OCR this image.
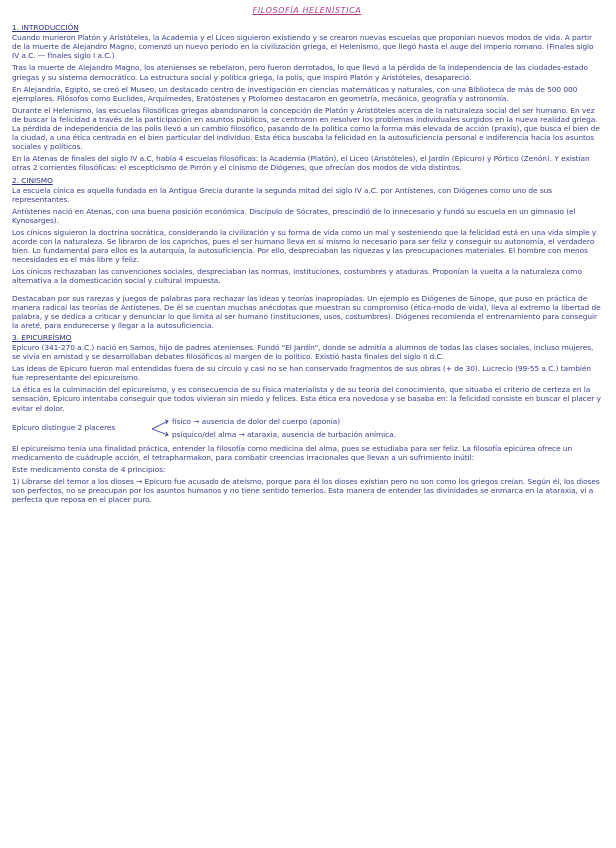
FILOSOFÍA HELENÍSTICA
1. INTRODUCCIÓN

Cuando murieron Platón y Aristóteles, la Academia y el Liceo siguieron existiendo y se crearon nuevas escuelas que proponían nuevos modos de vida. A partir de la muerte de Alejandro Magno, comenzó un nuevo periodo en la civilización griega, el Helenismo, que llegó hasta el auge del imperio romano. (Finales siglo IV a.C. — finales siglo I a.C.)

Tras la muerte de Alejandro Magno, los atenienses se rebelaron, pero fueron derrotados, lo que llevó a la pérdida de la independencia de las ciudades-estado griegas y su sistema democrático. La estructura social y política griega, la polis, que inspiró Platón y Aristóteles, desapareció.

En Alejandría, Egipto, se creó el Museo, un destacado centro de investigación en ciencias matemáticas y naturales, con una Biblioteca de más de 500 000 ejemplares. Filósofos como Euclides, Arquímedes, Eratóstenes y Ptolomeo destacaron en geometría, mecánica, geografía y astronomía.

Durante el Helenismo, las escuelas filosóficas griegas abandonaron la concepción de Platón y Aristóteles acerca de la naturaleza social del ser humano. En vez de buscar la felicidad a través de la participación en asuntos públicos, se centraron en resolver los problemas individuales surgidos en la nueva realidad griega. La pérdida de independencia de las polis llevó a un cambio filosófico, pasando de la política como la forma más elevada de acción (praxis), que busca el bien de la ciudad, a una ética centrada en el bien particular del individuo. Esta ética buscaba la felicidad en la autosuficiencia personal e indiferencia hacia los asuntos sociales y políticos.

En la Atenas de finales del siglo IV a.C, había 4 escuelas filosóficas: la Academia (Platón), el Liceo (Aristóteles), el Jardín (Epicuro) y Pórtico (Zenón). Y existían otras 2 corrientes filosóficas: el escepticismo de Pirrón y el cinismo de Diógenes, que ofrecían dos modos de vida distintos.

2. CINISMO

La escuela cínica es aquella fundada en la Antigua Grecia durante la segunda mitad del siglo IV a.C. por Antístenes, con Diógenes como uno de sus representantes.

Antístenes nació en Atenas, con una buena posición económica. Discípulo de Sócrates, prescindió de lo innecesario y fundó su escuela en un gimnasio (el Kynosarges).

Los cínicos siguieron la doctrina socrática, considerando la civilización y su forma de vida como un mal y sosteniendo que la felicidad está en una vida simple y acorde con la naturaleza. Se libraron de los caprichos, pues el ser humano lleva en sí mismo lo necesario para ser feliz y conseguir su autonomía, el verdadero bien. Lo fundamental para ellos es la autarquía, la autosuficiencia. Por ello, despreciaban las riquezas y las preocupaciones materiales. El hombre con menos necesidades es el más libre y feliz.

Los cínicos rechazaban las convenciones sociales, despreciaban las normas, instituciones, costumbres y ataduras. Proponían la vuelta a la naturaleza como alternativa a la domesticación social y cultural impuesta.

Destacaban por sus rarezas y juegos de palabras para rechazar las ideas y teorías inapropiadas. Un ejemplo es Diógenes de Sinope, que puso en práctica de manera radical las teorías de Antístenes. De él se cuentan muchas anécdotas que muestran su compromiso (ética-modo de vida), lleva al extremo la libertad de palabra, y se dedica a criticar y denunciar lo que limita al ser humano (instituciones, usos, costumbres). Diógenes recomienda el entrenamiento para conseguir la areté, para endurecerse y llegar a la autosuficiencia.

3. EPICUREÍSMO

Epicuro (341-270 a.C.) nació en Samos, hijo de padres atenienses. Fundó "El Jardín", donde se admitía a alumnos de todas las clases sociales, incluso mujeres, se vivía en amistad y se desarrollaban debates filosóficos al margen de lo político. Existió hasta finales del siglo II d.C.

Las ideas de Epicuro fueron mal entendidas fuera de su círculo y casi no se han conservado fragmentos de sus obras (+ de 30). Lucrecio (99-55 a.C.) también fue representante del epicureísmo.

La ética es la culminación del epicureísmo, y es consecuencia de su física materialista y de su teoría del conocimiento, que situaba el criterio de certeza en la sensación. Epicuro intentaba conseguir que todos vivieran sin miedo y felices. Esta ética era novedosa y se basaba en: la felicidad consiste en buscar el placer y evitar el dolor.

Epicuro distingue 2 placeres
físico → ausencia de dolor del cuerpo (aponía)
psíquico/del alma → ataraxia, ausencia de turbación anímica.

El epicureísmo tenía una finalidad práctica, entender la filosofía como medicina del alma, pues se estudiaba para ser feliz. La filosofía epicúrea ofrece un medicamento de cuádruple acción, el tetrapharmakon, para combatir creencias irracionales que llevan a un sufrimiento inútil:

Este medicamento consta de 4 principios:

1) Librarse del temor a los dioses → Epicuro fue acusado de ateísmo, porque para él los dioses existían pero no son como los griegos creían. Según él, los dioses son perfectos, no se preocupan por los asuntos humanos y no tiene sentido temerlos. Esta manera de entender las divinidades se enmarca en la ataraxia, vi a perfecta que reposa en el placer puro.
